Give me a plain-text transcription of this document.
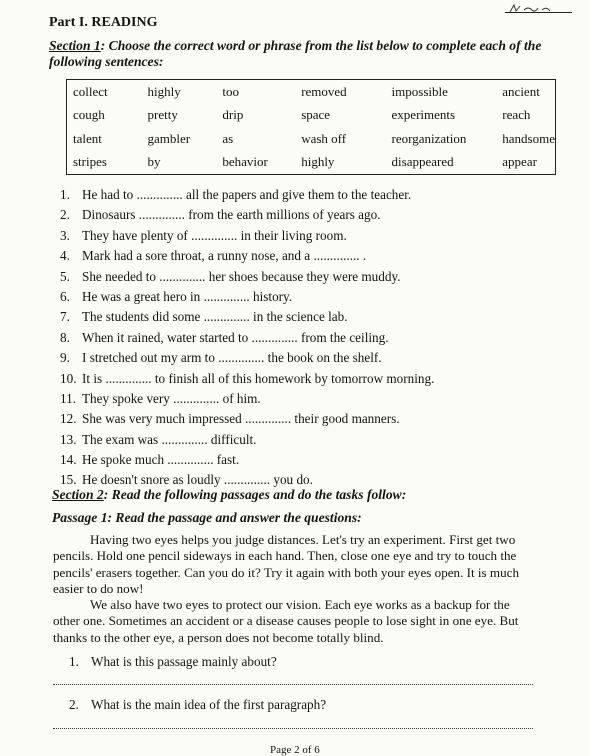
Part I. READING
Section 1: Choose the correct word or phrase from the list below to complete each of the following sentences:
collect	highly	too	removed	impossible	ancient
cough	pretty	drip	space	experiments	reach
talent	gambler	as	wash off	reorganization	handsome
stripes	by	behavior	highly	disappeared	appear
1. He had to .............. all the papers and give them to the teacher.
2. Dinosaurs .............. from the earth millions of years ago.
3. They have plenty of .............. in their living room.
4. Mark had a sore throat, a runny nose, and a .............. .
5. She needed to .............. her shoes because they were muddy.
6. He was a great hero in .............. history.
7. The students did some .............. in the science lab.
8. When it rained, water started to .............. from the ceiling.
9. I stretched out my arm to .............. the book on the shelf.
10. It is .............. to finish all of this homework by tomorrow morning.
11. They spoke very .............. of him.
12. She was very much impressed .............. their good manners.
13. The exam was .............. difficult.
14. He spoke much .............. fast.
15. He doesn't snore as loudly .............. you do.
Section 2: Read the following passages and do the tasks follow:
Passage 1: Read the passage and answer the questions:

Having two eyes helps you judge distances. Let's try an experiment. First get two pencils. Hold one pencil sideways in each hand. Then, close one eye and try to touch the pencils' erasers together. Can you do it? Try it again with both your eyes open. It is much easier to do now!

We also have two eyes to protect our vision. Each eye works as a backup for the other one. Sometimes an accident or a disease causes people to lose sight in one eye. But thanks to the other eye, a person does not become totally blind.

1. What is this passage mainly about?
2. What is the main idea of the first paragraph?
Page 2 of 6
